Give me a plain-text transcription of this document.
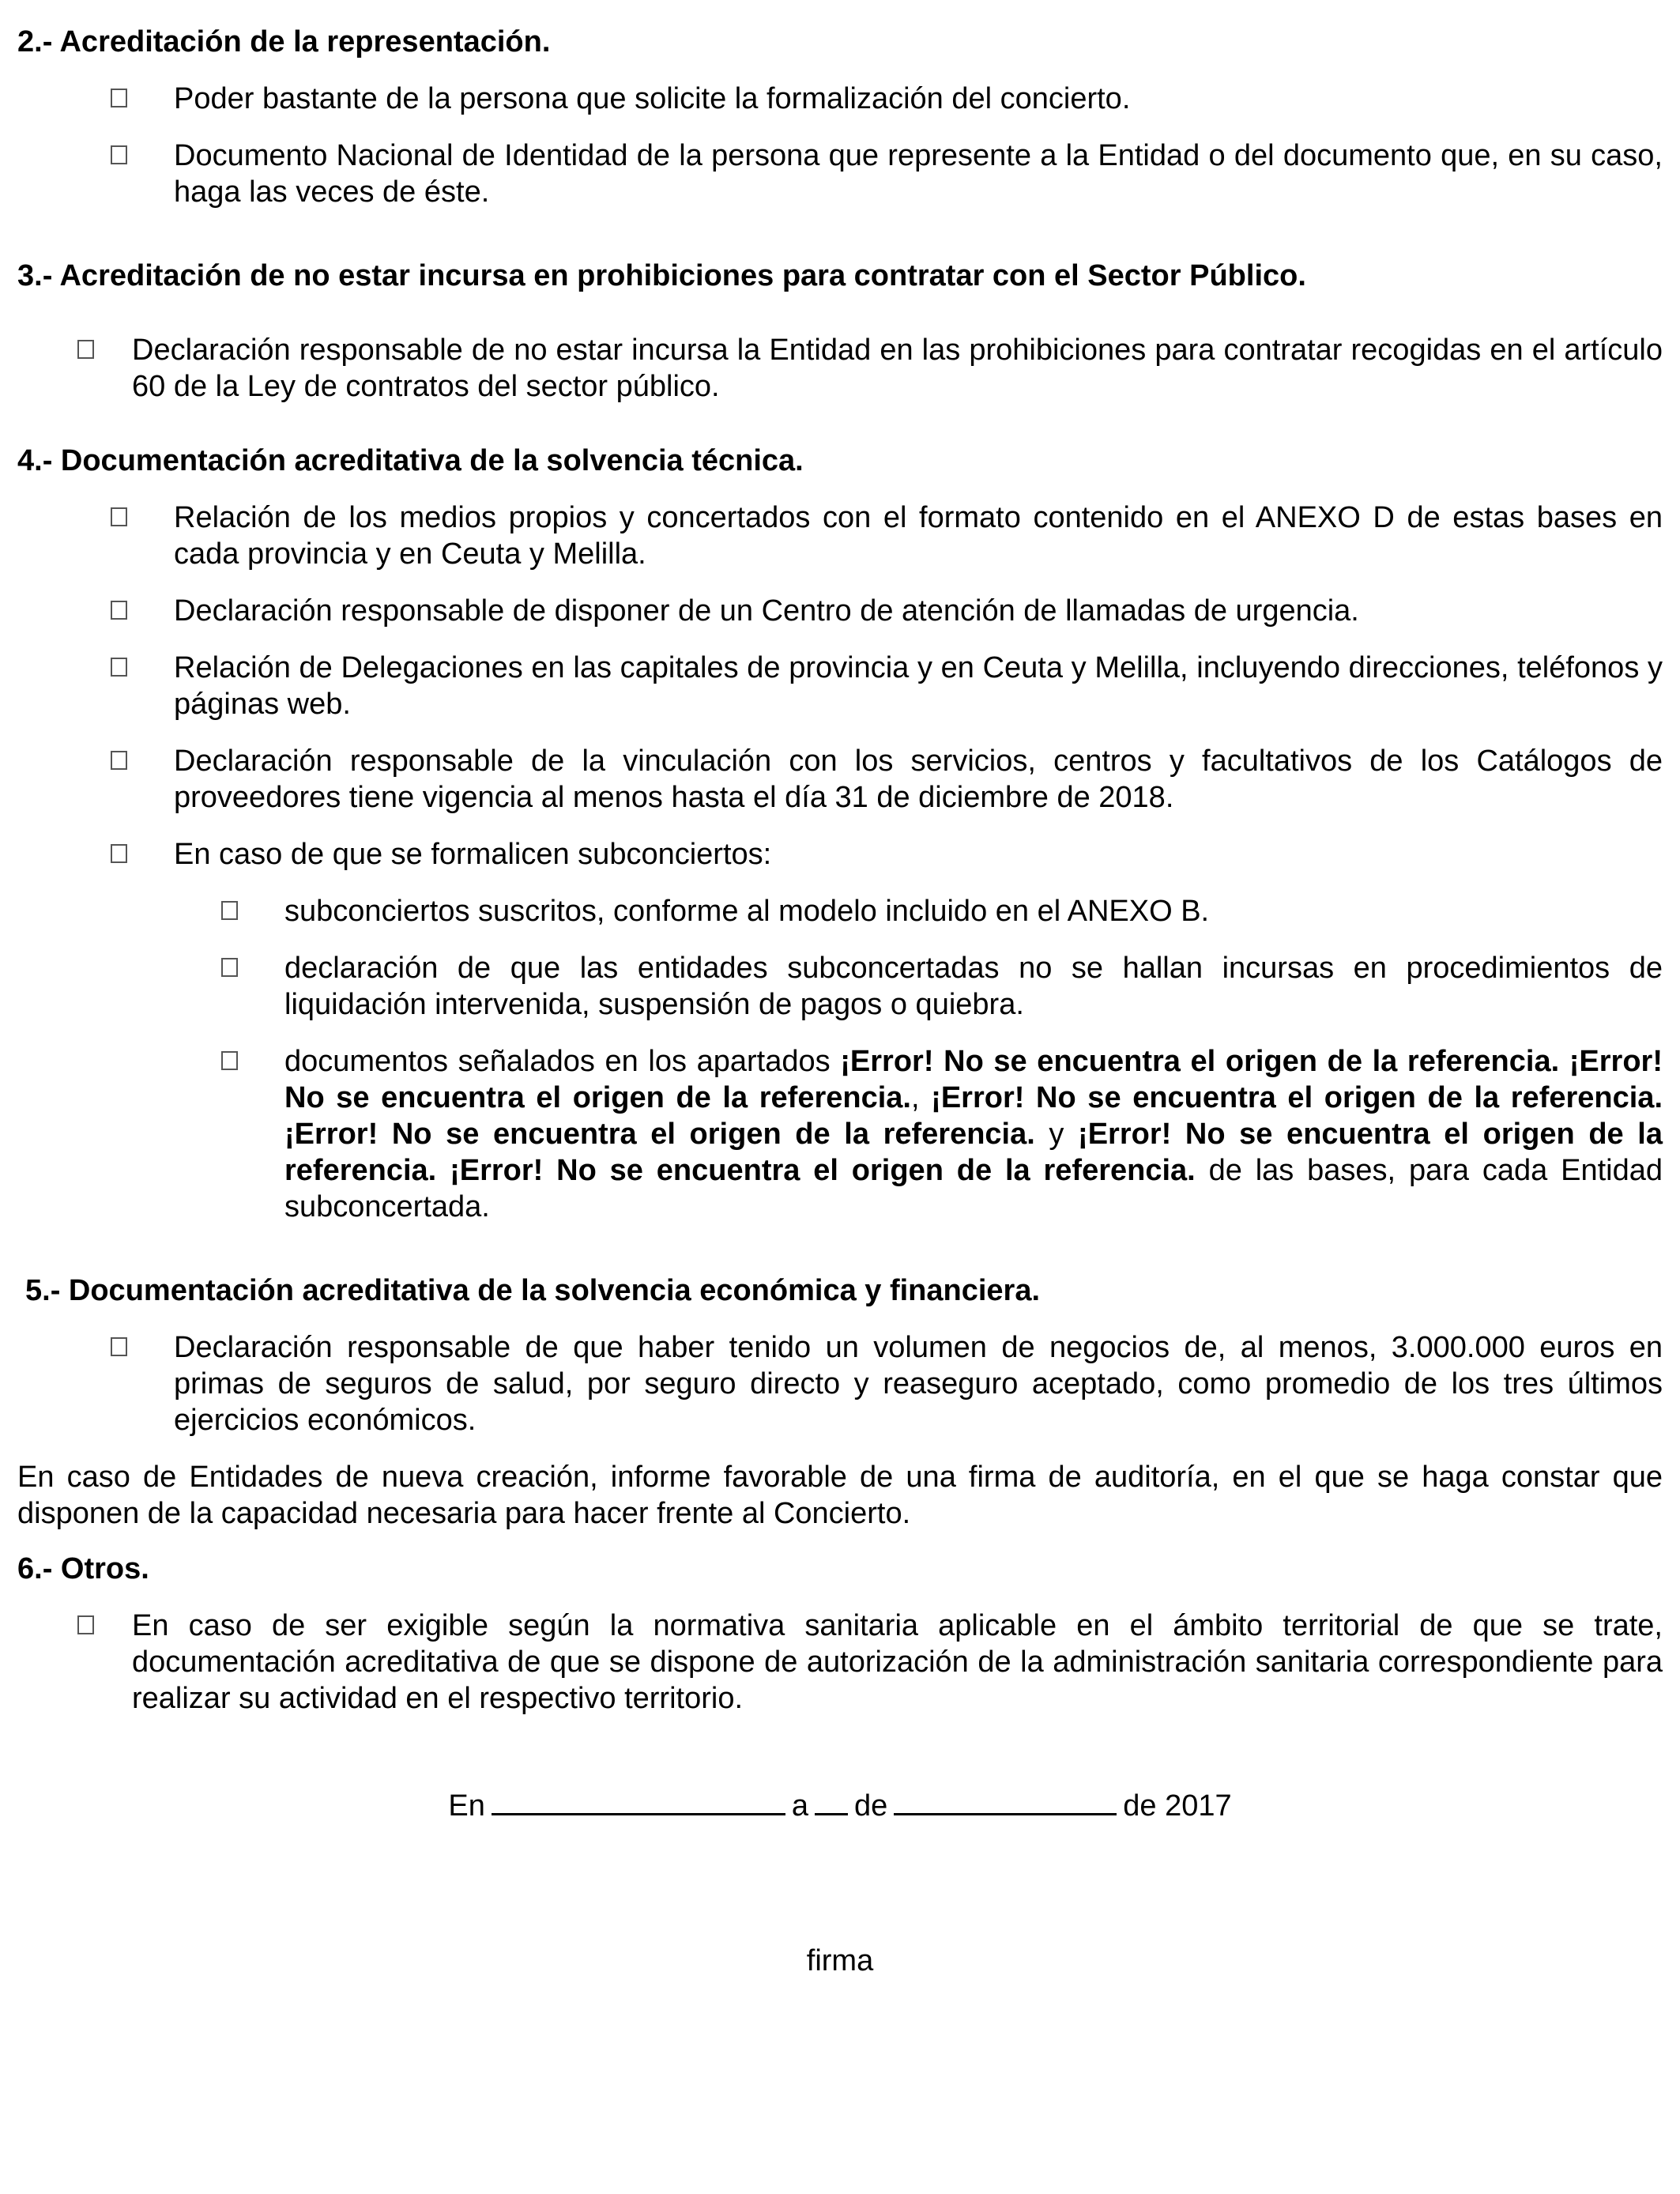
2.- Acreditación de la representación.
Poder bastante de la persona que solicite la formalización del concierto.
Documento Nacional de Identidad de la persona que represente a la Entidad o del documento que, en su caso, haga las veces de éste.
3.- Acreditación de no estar incursa en prohibiciones para contratar con el Sector Público.
Declaración responsable de no estar incursa la Entidad en las prohibiciones para contratar recogidas en el artículo 60 de la Ley de contratos del sector público.
4.- Documentación acreditativa de la solvencia técnica.
Relación de los medios propios y concertados con el formato contenido en el ANEXO D de estas bases en cada provincia y en Ceuta y Melilla.
Declaración responsable de disponer de un Centro de atención de llamadas de urgencia.
Relación de Delegaciones en las capitales de provincia y en Ceuta y Melilla, incluyendo direcciones, teléfonos y páginas web.
Declaración responsable de la vinculación con los servicios, centros y facultativos de los Catálogos de proveedores tiene vigencia al menos hasta el día 31 de diciembre de 2018.
En caso de que se formalicen subconciertos:
subconciertos suscritos, conforme al modelo incluido en el ANEXO B.
declaración de que las entidades subconcertadas no se hallan incursas en procedimientos de liquidación intervenida, suspensión de pagos o quiebra.
documentos señalados en los apartados ¡Error! No se encuentra el origen de la referencia. ¡Error! No se encuentra el origen de la referencia., ¡Error! No se encuentra el origen de la referencia. ¡Error! No se encuentra el origen de la referencia. y ¡Error! No se encuentra el origen de la referencia. ¡Error! No se encuentra el origen de la referencia. de las bases, para cada Entidad subconcertada.
5.- Documentación acreditativa de la solvencia económica y financiera.
Declaración responsable de que haber tenido un volumen de negocios de, al menos, 3.000.000 euros en primas de seguros de salud, por seguro directo y reaseguro aceptado, como promedio de los tres últimos ejercicios económicos.

En caso de Entidades de nueva creación, informe favorable de una firma de auditoría, en el que se haga constar que disponen de la capacidad necesaria para hacer frente al Concierto.

6.- Otros.
En caso de ser exigible según la normativa sanitaria aplicable en el ámbito territorial de que se trate, documentación acreditativa de que se dispone de autorización de la administración sanitaria correspondiente para realizar su actividad en el respectivo territorio.
En	a de	de 2017
firma
